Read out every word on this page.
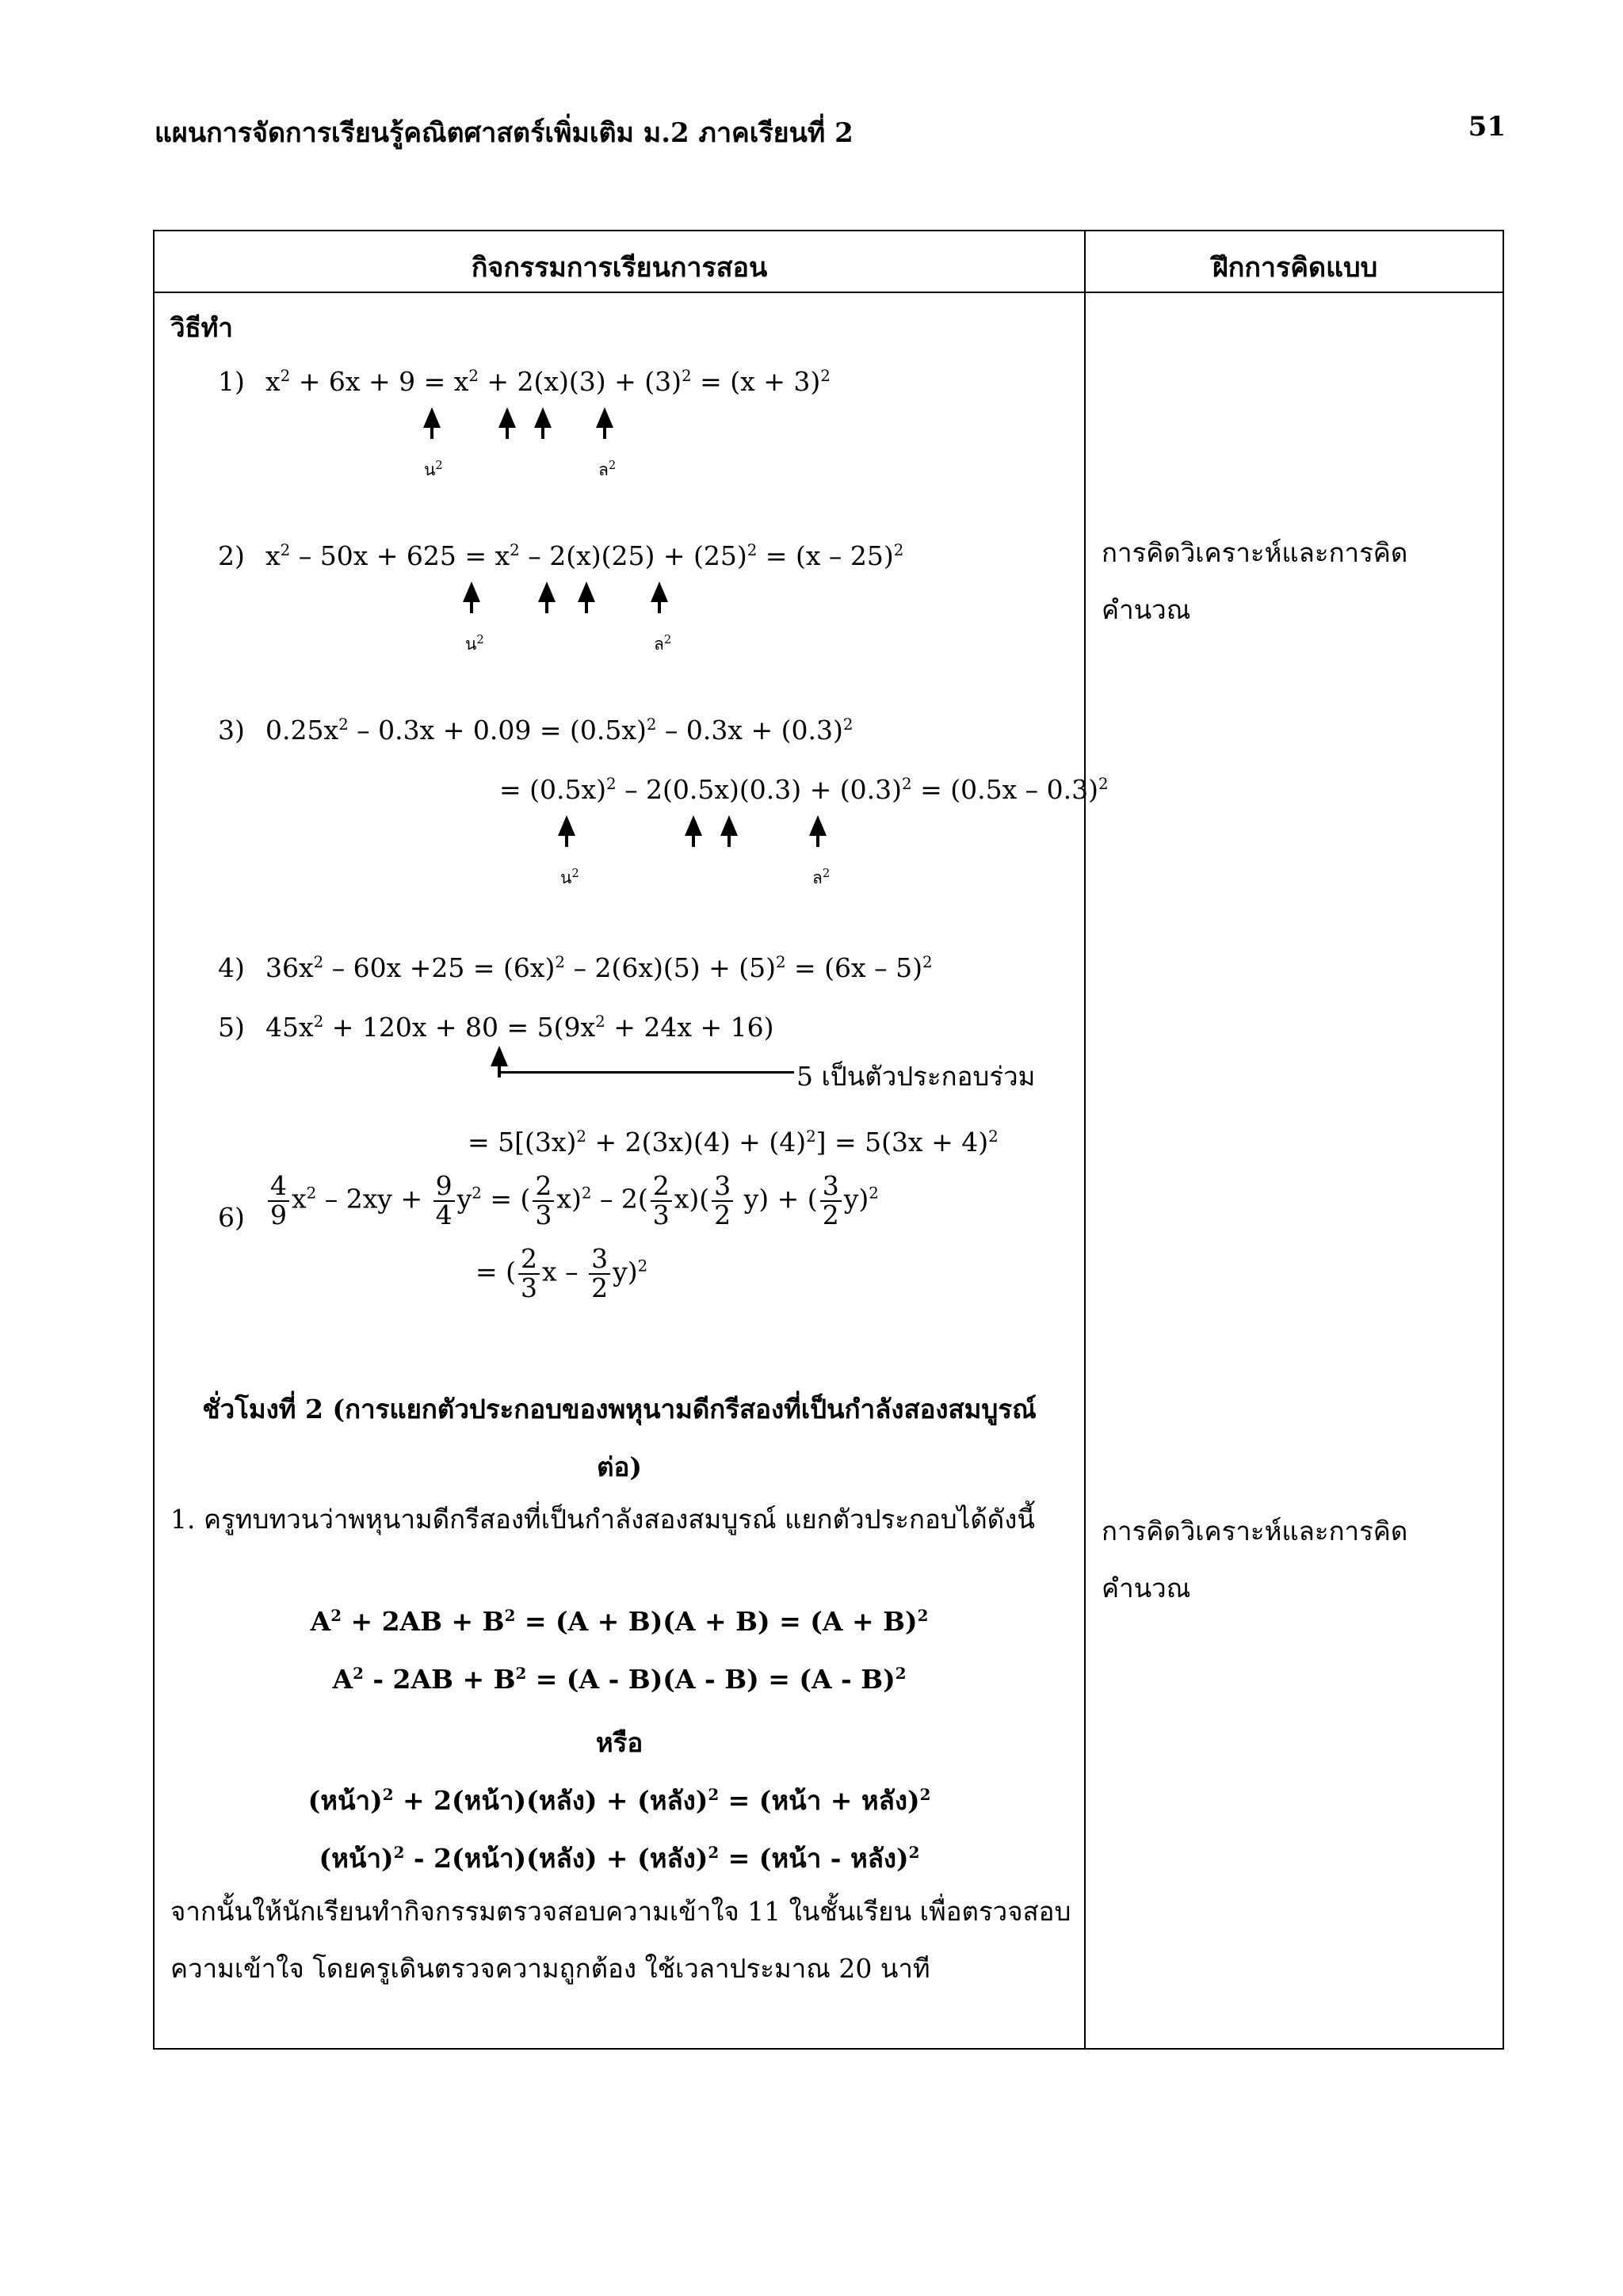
แผนการจัดการเรียนรู้คณิตศาสตร์เพิ่มเติม ม.2 ภาคเรียนที่ 2	51
กิจกรรมการเรียนการสอน	ฝึกการคิดแบบ
วิธีทำ
1) $x^2 + 6x + 9 = x^2 + 2(x)(3) + (3)^2 = (x + 3)^2$
น$^2$	ล$^2$
2) $x^2 - 50x + 625 = x^2 - 2(x)(25) + (25)^2 = (x - 25)^2$
น$^2$	ล$^2$
3) $0.25x^2 - 0.3x + 0.09 = (0.5x)^2 - 0.3x + (0.3)^2$
= $(0.5x)^2 - 2(0.5x)(0.3) + (0.3)^2 = (0.5x - 0.3)^2$
น$^2$	ล$^2$
4) $36x^2 - 60x +25 = (6x)^2 - 2(6x)(5) + (5)^2 = (6x - 5)^2$
5) $45x^2 + 120x + 80 = 5(9x^2 + 24x + 16)$
5 เป็นตัวประกอบร่วม
= $5[(3x)^2 + 2(3x)(4) + (4)^2] = 5(3x + 4)^2$
$6) \frac{4}{9} x^2 - 2xy + \frac{9}{4} y^2$ = ( $\frac{2}{3} x)^2 - 2( \frac{2}{3} x)( \frac{3}{2} y)$ + ( $\frac{3}{2} y)^2$
= ( $\frac{2}{3}$ x – $\frac{3}{2} y)^2$
ชั่วโมงที่ 2 (การแยกตัวประกอบของพหุนามดีกรีสองที่เป็นกำลังสองสมบูรณ์
ต่อ)
1. ครูทบทวนว่าพหุนามดีกรีสองที่เป็นกำลังสองสมบูรณ์ แยกตัวประกอบได้ดังนี้
$A^2 + 2AB + B^2 = (A + B)(A + B) = (A + B)^2$
$A^2 - 2AB + B^2 = (A - B)(A - B) = (A - B)^2$
หรือ
(หน้า)$^2$ + 2(หน้า)(หลัง) + (หลัง)$^2$ = (หน้า + หลัง)$^2$
(หน้า)$^2$ - 2(หน้า)(หลัง) + (หลัง)$^2$ = (หน้า - หลัง)$^2$
จากนั้นให้นักเรียนทำกิจกรรมตรวจสอบความเข้าใจ 11 ในชั้นเรียน เพื่อตรวจสอบความเข้าใจ โดยครูเดินตรวจความถูกต้อง ใช้เวลาประมาณ 20 นาที
การคิดวิเคราะห์และการคิดคำนวณ
การคิดวิเคราะห์และการคิดคำนวณ
